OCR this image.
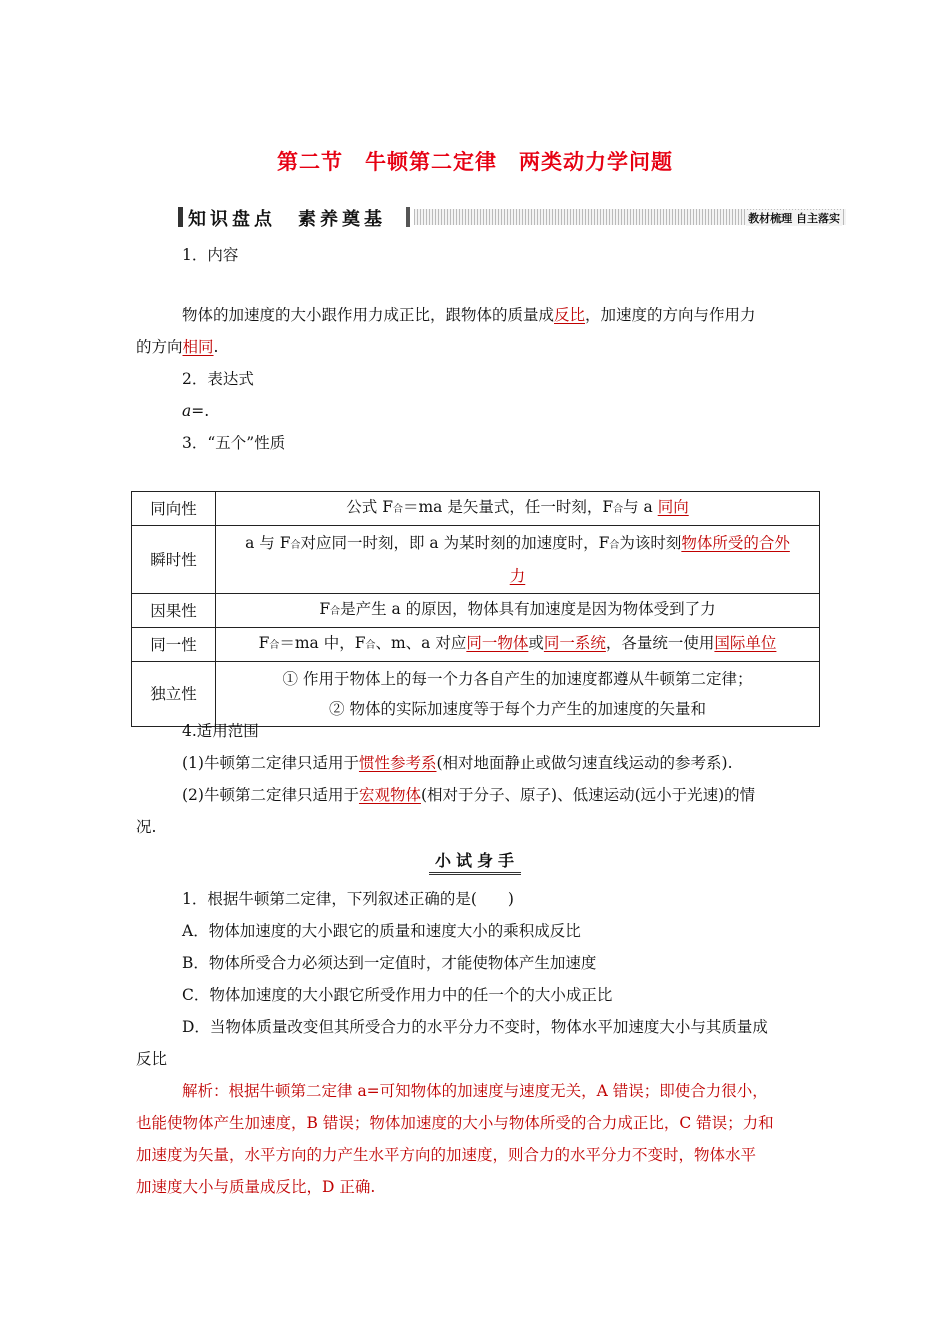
第二节　牛顿第二定律　两类动力学问题
知识盘点　素养奠基	教材梳理 自主落实
1．内容
物体的加速度的大小跟作用力成正比，跟物体的质量成反比，加速度的方向与作用力
的方向相同.
2．表达式
a=.
3．“五个”性质
同向性	公式 F合＝ma 是矢量式，任一时刻，F合与 a 同向
瞬时性	a 与 F合对应同一时刻，即 a 为某时刻的加速度时，F合为该时刻物体所受的合外
力
因果性	F合是产生 a 的原因，物体具有加速度是因为物体受到了力
同一性	F合＝ma 中，F合、m、a 对应同一物体或同一系统，各量统一使用国际单位
独立性	① 作用于物体上的每一个力各自产生的加速度都遵从牛顿第二定律；
② 物体的实际加速度等于每个力产生的加速度的矢量和
4.适用范围
(1)牛顿第二定律只适用于惯性参考系(相对地面静止或做匀速直线运动的参考系).
(2)牛顿第二定律只适用于宏观物体(相对于分子、原子)、低速运动(远小于光速)的情
况.
小试身手
1．根据牛顿第二定律，下列叙述正确的是(　　)
A．物体加速度的大小跟它的质量和速度大小的乘积成反比
B．物体所受合力必须达到一定值时，才能使物体产生加速度
C．物体加速度的大小跟它所受作用力中的任一个的大小成正比
D．当物体质量改变但其所受合力的水平分力不变时，物体水平加速度大小与其质量成
反比
解析：根据牛顿第二定律 a=可知物体的加速度与速度无关，A 错误；即使合力很小，
也能使物体产生加速度，B 错误；物体加速度的大小与物体所受的合力成正比，C 错误；力和
加速度为矢量，水平方向的力产生水平方向的加速度，则合力的水平分力不变时，物体水平
加速度大小与质量成反比，D 正确.
